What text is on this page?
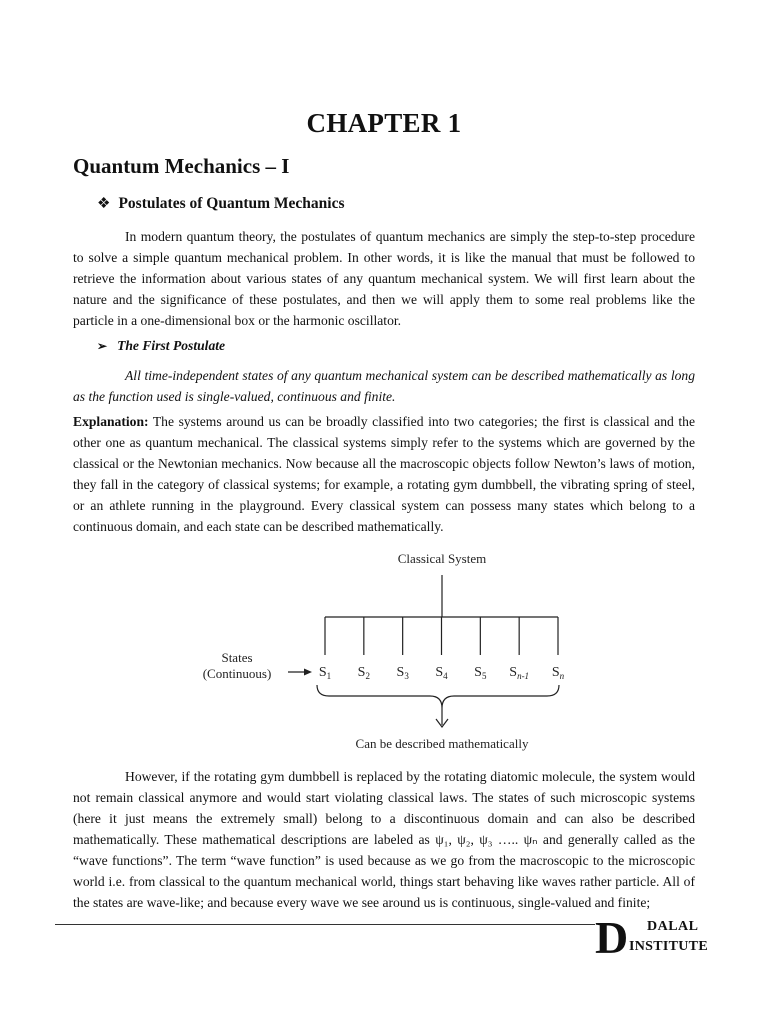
CHAPTER 1
Quantum Mechanics – I
❖ Postulates of Quantum Mechanics

In modern quantum theory, the postulates of quantum mechanics are simply the step-to-step procedure to solve a simple quantum mechanical problem. In other words, it is like the manual that must be followed to retrieve the information about various states of any quantum mechanical system. We will first learn about the nature and the significance of these postulates, and then we will apply them to some real problems like the particle in a one-dimensional box or the harmonic oscillator.

➢ The First Postulate

All time-independent states of any quantum mechanical system can be described mathematically as long as the function used is single-valued, continuous and finite.

Explanation: The systems around us can be broadly classified into two categories; the first is classical and the other one as quantum mechanical. The classical systems simply refer to the systems which are governed by the classical or the Newtonian mechanics. Now because all the macroscopic objects follow Newton’s laws of motion, they fall in the category of classical systems; for example, a rotating gym dumbbell, the vibrating spring of steel, or an athlete running in the playground. Every classical system can possess many states which belong to a continuous domain, and each state can be described mathematically.

Classical System
$S_1$ $S_2$ $S_3$ $S_4$ $S_5$ $S_{n-1}$ $S_n$
States
(Continuous)
Can be described mathematically

However, if the rotating gym dumbbell is replaced by the rotating diatomic molecule, the system would not remain classical anymore and would start violating classical laws. The states of such microscopic systems (here it just means the extremely small) belong to a discontinuous domain and can also be described mathematically. These mathematical descriptions are labeled as ψ₁, ψ₂, ψ₃ ….. ψₙ and generally called as the “wave functions”. The term “wave function” is used because as we go from the macroscopic to the microscopic world i.e. from classical to the quantum mechanical world, things start behaving like waves rather particle. All of the states are wave-like; and because every wave we see around us is continuous, single-valued and finite;

D DALAL
INSTITUTE
